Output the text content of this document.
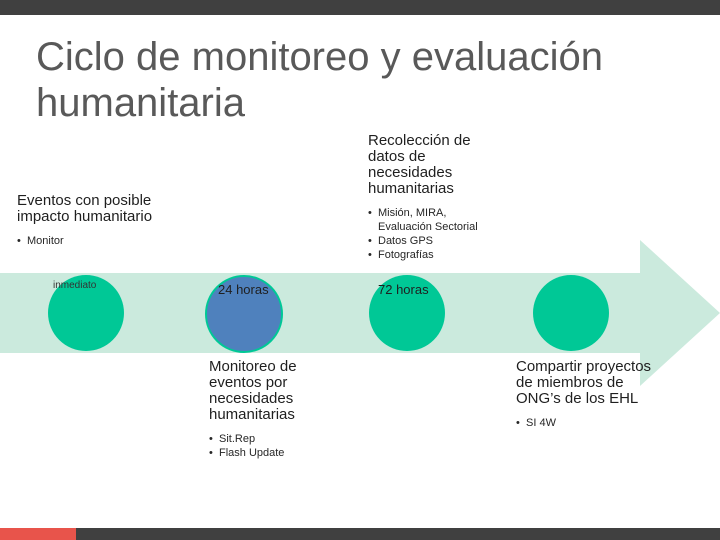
Ciclo de monitoreo y evaluación humanitaria
inmediato	24 horas	72 horas
Eventos con posible impacto humanitario
• Monitor
Recolección de datos de necesidades humanitarias
• Misión, MIRA, Evaluación Sectorial
• Datos GPS
• Fotografías
Monitoreo de eventos por necesidades humanitarias
• Sit.Rep
• Flash Update
Compartir proyectos de miembros de ONG’s de los EHL
• SI 4W
